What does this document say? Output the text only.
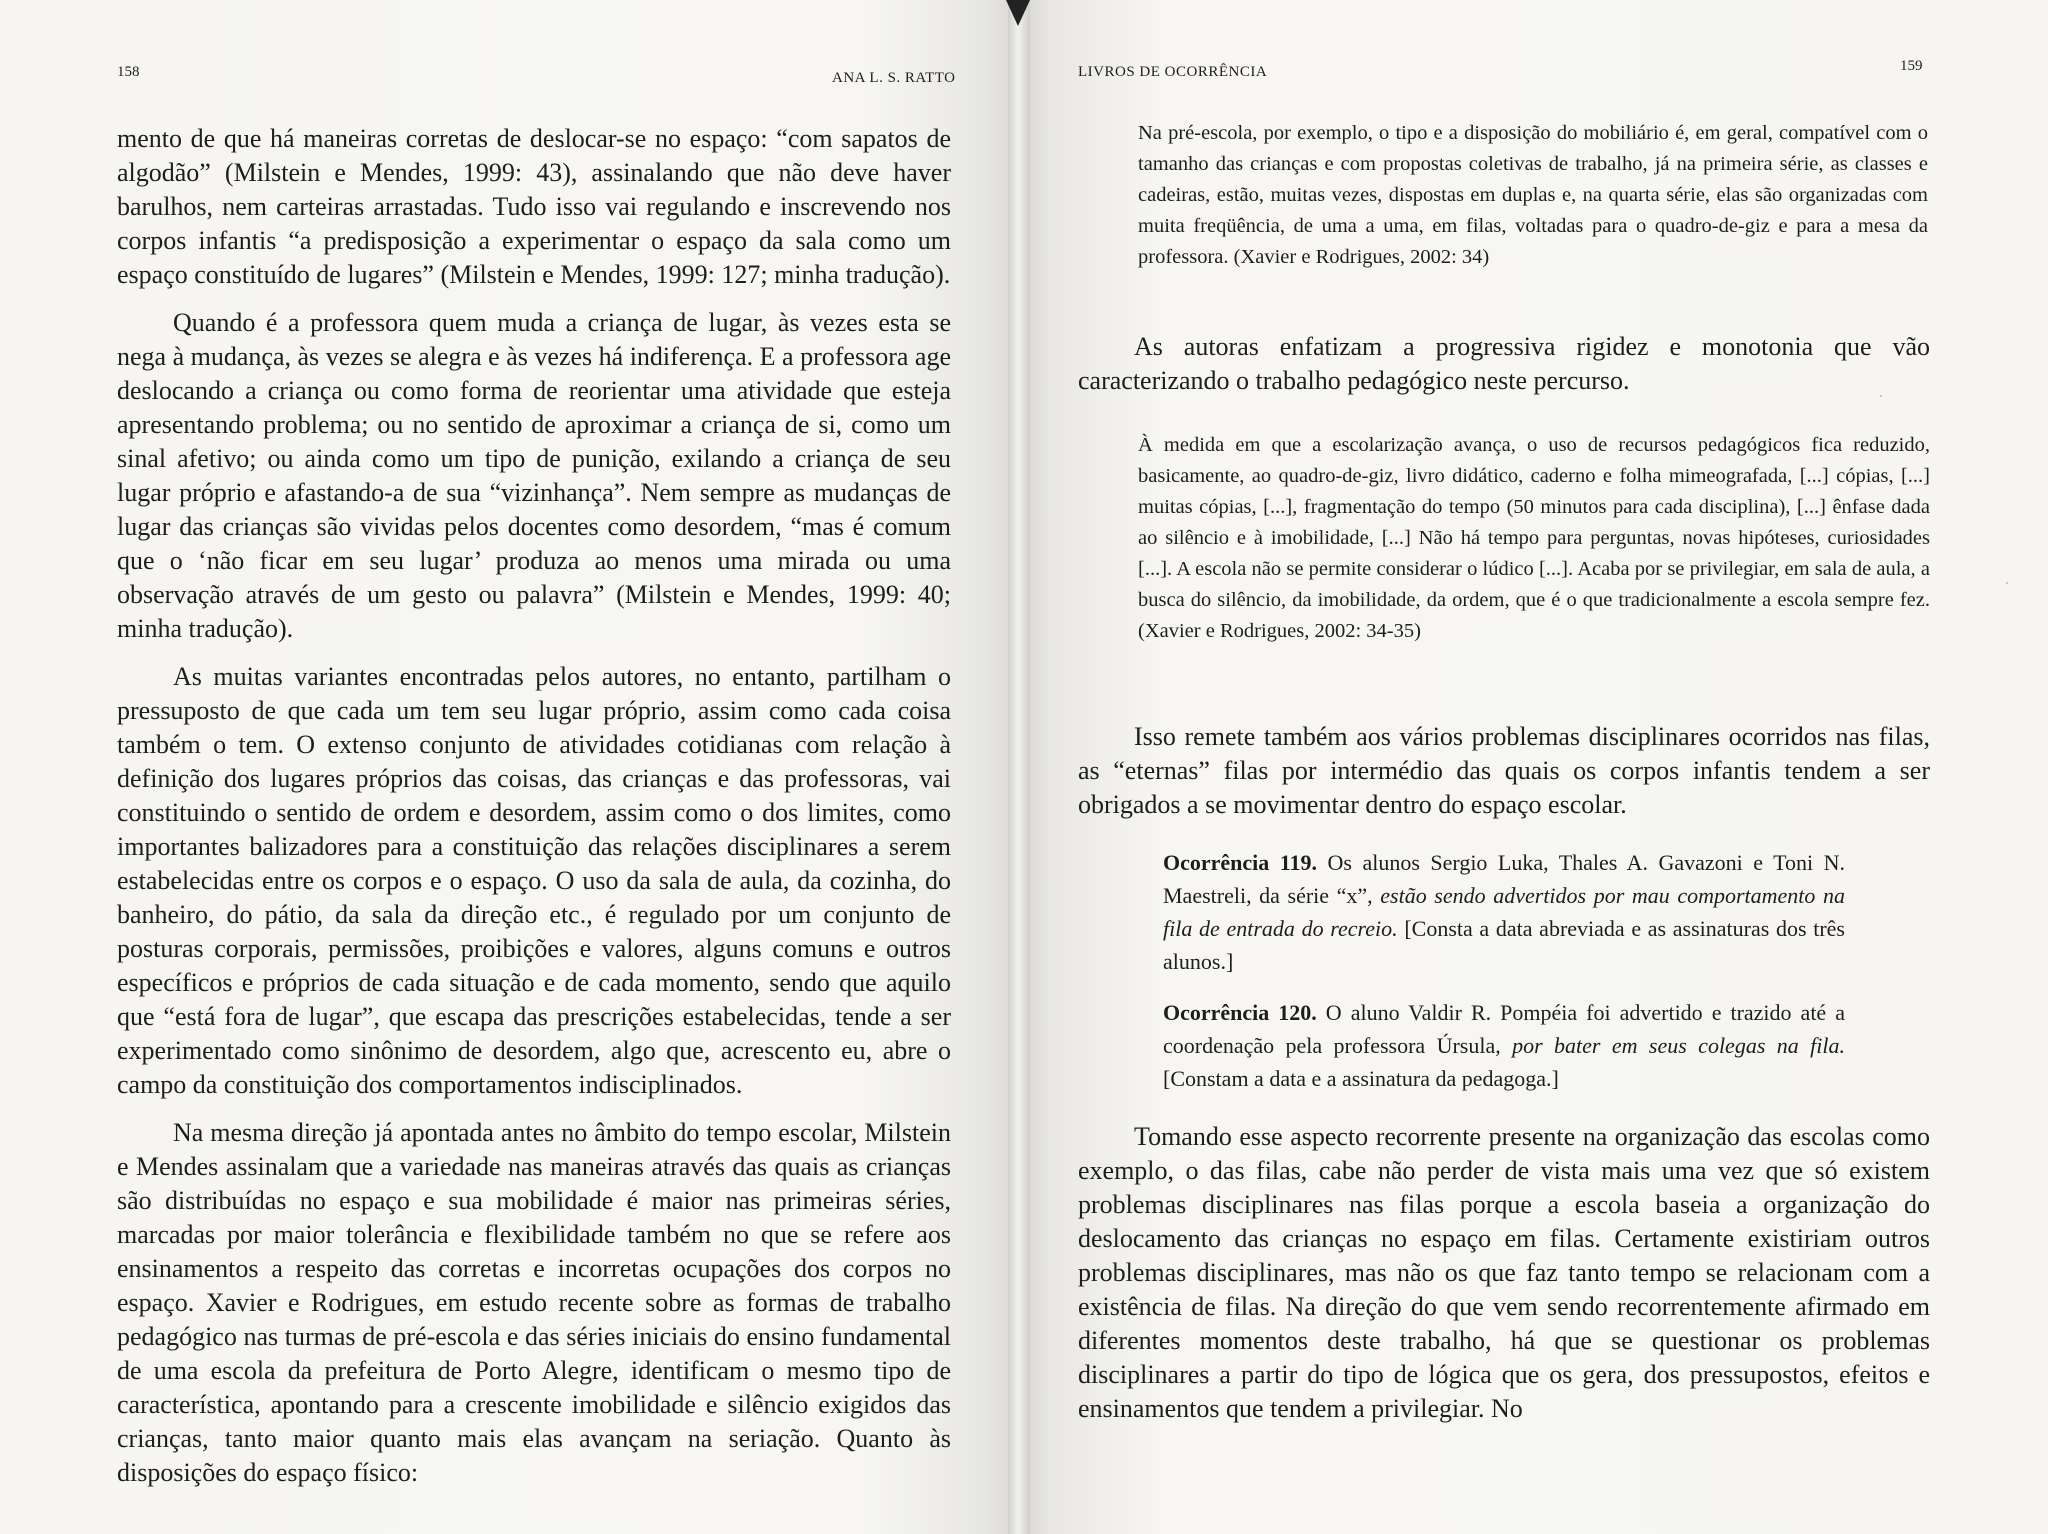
158	ANA L. S. RATTO

mento de que há maneiras corretas de deslocar-se no espaço: “com sapatos de algodão” (Milstein e Mendes, 1999: 43), assinalando que não deve haver barulhos, nem carteiras arrastadas. Tudo isso vai regulando e inscrevendo nos corpos infantis “a predisposição a experimentar o espaço da sala como um espaço constituído de lugares” (Milstein e Mendes, 1999: 127; minha tradução).

Quando é a professora quem muda a criança de lugar, às vezes esta se nega à mudança, às vezes se alegra e às vezes há indiferença. E a professora age deslocando a criança ou como forma de reorientar uma atividade que esteja apresentando problema; ou no sentido de aproximar a criança de si, como um sinal afetivo; ou ainda como um tipo de punição, exilando a criança de seu lugar próprio e afastando-a de sua “vizinhança”. Nem sempre as mudanças de lugar das crianças são vividas pelos docentes como desordem, “mas é comum que o ‘não ficar em seu lugar’ produza ao menos uma mirada ou uma observação através de um gesto ou palavra” (Milstein e Mendes, 1999: 40; minha tradução).

As muitas variantes encontradas pelos autores, no entanto, partilham o pressuposto de que cada um tem seu lugar próprio, assim como cada coisa também o tem. O extenso conjunto de atividades cotidianas com relação à definição dos lugares próprios das coisas, das crianças e das professoras, vai constituindo o sentido de ordem e desordem, assim como o dos limites, como importantes balizadores para a constituição das relações disciplinares a serem estabelecidas entre os corpos e o espaço. O uso da sala de aula, da cozinha, do banheiro, do pátio, da sala da direção etc., é regulado por um conjunto de posturas corporais, permissões, proibições e valores, alguns comuns e outros específicos e próprios de cada situação e de cada momento, sendo que aquilo que “está fora de lugar”, que escapa das prescrições estabelecidas, tende a ser experimentado como sinônimo de desordem, algo que, acrescento eu, abre o campo da constituição dos comportamentos indisciplinados.

Na mesma direção já apontada antes no âmbito do tempo escolar, Milstein e Mendes assinalam que a variedade nas maneiras através das quais as crianças são distribuídas no espaço e sua mobilidade é maior nas primeiras séries, marcadas por maior tolerância e flexibilidade também no que se refere aos ensinamentos a respeito das corretas e incorretas ocupações dos corpos no espaço. Xavier e Rodrigues, em estudo recente sobre as formas de trabalho pedagógico nas turmas de pré-escola e das séries iniciais do ensino fundamental de uma escola da prefeitura de Porto Alegre, identificam o mesmo tipo de característica, apontando para a crescente imobilidade e silêncio exigidos das crianças, tanto maior quanto mais elas avançam na seriação. Quanto às disposições do espaço físico:

LIVROS DE OCORRÊNCIA	159

Na pré-escola, por exemplo, o tipo e a disposição do mobiliário é, em geral, compatível com o tamanho das crianças e com propostas coletivas de trabalho, já na primeira série, as classes e cadeiras, estão, muitas vezes, dispostas em duplas e, na quarta série, elas são organizadas com muita freqüência, de uma a uma, em filas, voltadas para o quadro-de-giz e para a mesa da professora. (Xavier e Rodrigues, 2002: 34)

As autoras enfatizam a progressiva rigidez e monotonia que vão caracterizando o trabalho pedagógico neste percurso.

À medida em que a escolarização avança, o uso de recursos pedagógicos fica reduzido, basicamente, ao quadro-de-giz, livro didático, caderno e folha mimeografada, [...] cópias, [...] muitas cópias, [...], fragmentação do tempo (50 minutos para cada disciplina), [...] ênfase dada ao silêncio e à imobilidade, [...] Não há tempo para perguntas, novas hipóteses, curiosidades [...]. A escola não se permite considerar o lúdico [...]. Acaba por se privilegiar, em sala de aula, a busca do silêncio, da imobilidade, da ordem, que é o que tradicionalmente a escola sempre fez. (Xavier e Rodrigues, 2002: 34-35)

Isso remete também aos vários problemas disciplinares ocorridos nas filas, as “eternas” filas por intermédio das quais os corpos infantis tendem a ser obrigados a se movimentar dentro do espaço escolar.

Ocorrência 119. Os alunos Sergio Luka, Thales A. Gavazoni e Toni N. Maestreli, da série “x”, estão sendo advertidos por mau comportamento na fila de entrada do recreio. [Consta a data abreviada e as assinaturas dos três alunos.]

Ocorrência 120. O aluno Valdir R. Pompéia foi advertido e trazido até a coordenação pela professora Úrsula, por bater em seus colegas na fila. [Constam a data e a assinatura da pedagoga.]

Tomando esse aspecto recorrente presente na organização das escolas como exemplo, o das filas, cabe não perder de vista mais uma vez que só existem problemas disciplinares nas filas porque a escola baseia a organização do deslocamento das crianças no espaço em filas. Certamente existiriam outros problemas disciplinares, mas não os que faz tanto tempo se relacionam com a existência de filas. Na direção do que vem sendo recorrentemente afirmado em diferentes momentos deste trabalho, há que se questionar os problemas disciplinares a partir do tipo de lógica que os gera, dos pressupostos, efeitos e ensinamentos que tendem a privilegiar. No
